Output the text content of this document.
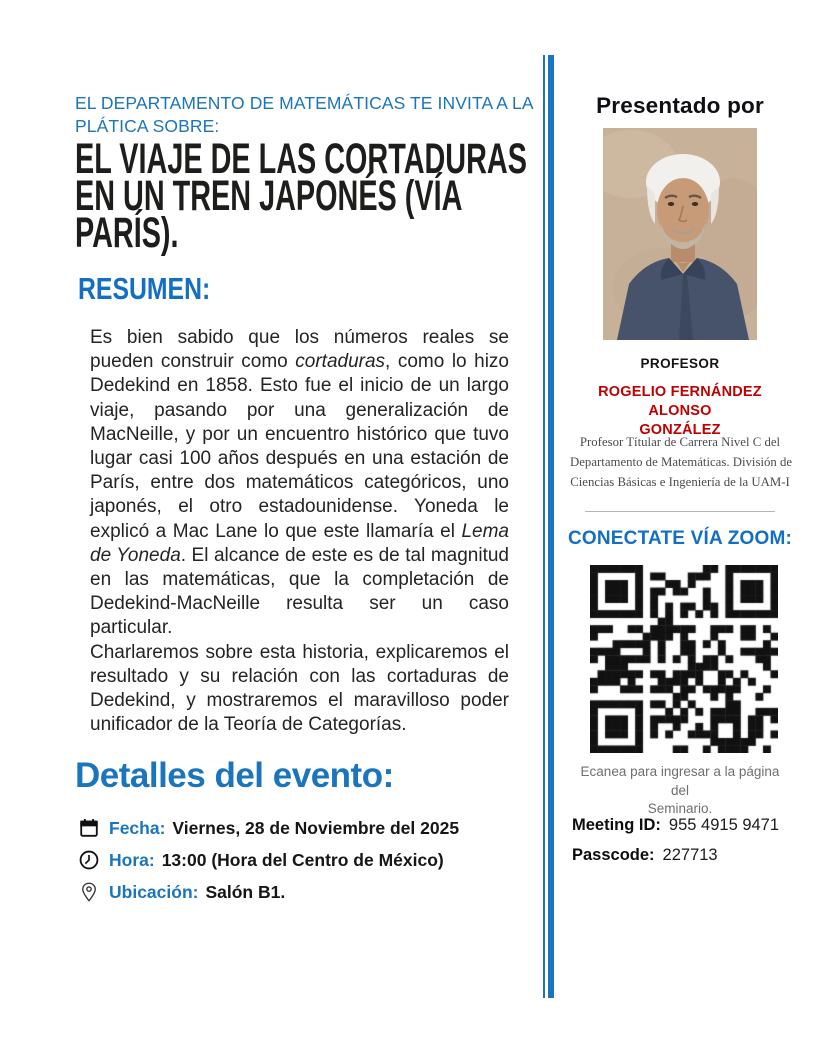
EL DEPARTAMENTO DE MATEMÁTICAS TE INVITA A LA PLÁTICA SOBRE:
EL VIAJE DE LAS CORTADURAS
EN UN TREN JAPONÉS (VÍA
PARÍS).
RESUMEN:

Es bien sabido que los números reales se pueden construir como cortaduras, como lo hizo Dedekind en 1858. Esto fue el inicio de un largo viaje, pasando por una generalización de MacNeille, y por un encuentro histórico que tuvo lugar casi 100 años después en una estación de París, entre dos matemáticos categóricos, uno japonés, el otro estadounidense. Yoneda le explicó a Mac Lane lo que este llamaría el Lema de Yoneda. El alcance de este es de tal magnitud en las matemáticas, que la completación de Dedekind-MacNeille resulta ser un caso particular.

Charlaremos sobre esta historia, explicaremos el resultado y su relación con las cortaduras de Dedekind, y mostraremos el maravilloso poder unificador de la Teoría de Categorías.

Detalles del evento:
Fecha: Viernes, 28 de Noviembre del 2025
Hora: 13:00 (Hora del Centro de México)
Ubicación: Salón B1.
Presentado por
PROFESOR
ROGELIO FERNÁNDEZ ALONSO
GONZÁLEZ

Profesor Títular de Carrera Nivel C del
Departamento de Matemáticas. División de
Ciencias Básicas e Ingeniería de la UAM-I

CONECTATE VÍA ZOOM:

Ecanea para ingresar a la página del
Seminario.

Meeting ID: 955 4915 9471
Passcode: 227713
